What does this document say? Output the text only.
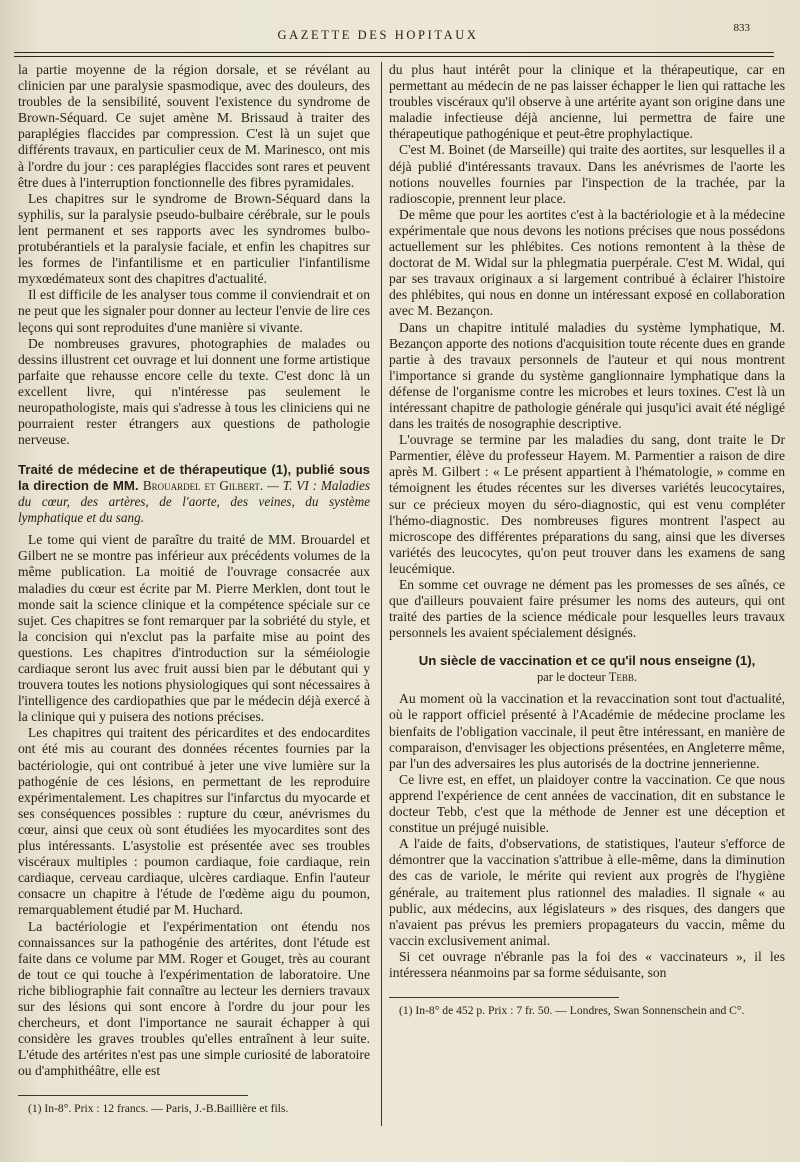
GAZETTE DES HOPITAUX	833

la partie moyenne de la région dorsale, et se révélant au clinicien par une paralysie spasmodique, avec des douleurs, des troubles de la sensibilité, souvent l'existence du syndrome de Brown-Séquard. Ce sujet amène M. Brissaud à traiter des paraplégies flaccides par compression. C'est là un sujet que différents travaux, en particulier ceux de M. Marinesco, ont mis à l'ordre du jour : ces paraplégies flaccides sont rares et peuvent être dues à l'interruption fonctionnelle des fibres pyramidales.

Les chapitres sur le syndrome de Brown-Séquard dans la syphilis, sur la paralysie pseudo-bulbaire cérébrale, sur le pouls lent permanent et ses rapports avec les syndromes bulbo-protubérantiels et la paralysie faciale, et enfin les chapitres sur les formes de l'infantilisme et en particulier l'infantilisme myxœdémateux sont des chapitres d'actualité.

Il est difficile de les analyser tous comme il conviendrait et on ne peut que les signaler pour donner au lecteur l'envie de lire ces leçons qui sont reproduites d'une manière si vivante.

De nombreuses gravures, photographies de malades ou dessins illustrent cet ouvrage et lui donnent une forme artistique parfaite que rehausse encore celle du texte. C'est donc là un excellent livre, qui n'intéresse pas seulement le neuropathologiste, mais qui s'adresse à tous les cliniciens qui ne pourraient rester étrangers aux questions de pathologie nerveuse.

Traité de médecine et de thérapeutique (1), publié sous la direction de MM. Brouardel et Gilbert. — T. VI : Maladies du cœur, des artères, de l'aorte, des veines, du système lymphatique et du sang.

Le tome qui vient de paraître du traité de MM. Brouardel et Gilbert ne se montre pas inférieur aux précédents volumes de la même publication. La moitié de l'ouvrage consacrée aux maladies du cœur est écrite par M. Pierre Merklen, dont tout le monde sait la science clinique et la compétence spéciale sur ce sujet. Ces chapitres se font remarquer par la sobriété du style, et la concision qui n'exclut pas la parfaite mise au point des questions. Les chapitres d'introduction sur la séméiologie cardiaque seront lus avec fruit aussi bien par le débutant qui y trouvera toutes les notions physiologiques qui sont nécessaires à l'intelligence des cardiopathies que par le médecin déjà exercé à la clinique qui y puisera des notions précises.

Les chapitres qui traitent des péricardites et des endocardites ont été mis au courant des données récentes fournies par la bactériologie, qui ont contribué à jeter une vive lumière sur la pathogénie de ces lésions, en permettant de les reproduire expérimentalement. Les chapitres sur l'infarctus du myocarde et ses conséquences possibles : rupture du cœur, anévrismes du cœur, ainsi que ceux où sont étudiées les myocardites sont des plus intéressants. L'asystolie est présentée avec ses troubles viscéraux multiples : poumon cardiaque, foie cardiaque, rein cardiaque, cerveau cardiaque, ulcères cardiaque. Enfin l'auteur consacre un chapitre à l'étude de l'œdème aigu du poumon, remarquablement étudié par M. Huchard.

La bactériologie et l'expérimentation ont étendu nos connaissances sur la pathogénie des artérites, dont l'étude est faite dans ce volume par MM. Roger et Gouget, très au courant de tout ce qui touche à l'expérimentation de laboratoire. Une riche bibliographie fait connaître au lecteur les derniers travaux sur des lésions qui sont encore à l'ordre du jour pour les chercheurs, et dont l'importance ne saurait échapper à qui considère les graves troubles qu'elles entraînent à leur suite. L'étude des artérites n'est pas une simple curiosité de laboratoire ou d'amphithéâtre, elle est

(1) In-8°. Prix : 12 francs. — Paris, J.-B.Baillière et fils.

du plus haut intérêt pour la clinique et la thérapeutique, car en permettant au médecin de ne pas laisser échapper le lien qui rattache les troubles viscéraux qu'il observe à une artérite ayant son origine dans une maladie infectieuse déjà ancienne, lui permettra de faire une thérapeutique pathogénique et peut-être prophylactique.

C'est M. Boinet (de Marseille) qui traite des aortites, sur lesquelles il a déjà publié d'intéressants travaux. Dans les anévrismes de l'aorte les notions nouvelles fournies par l'inspection de la trachée, par la radioscopie, prennent leur place.

De même que pour les aortites c'est à la bactériologie et à la médecine expérimentale que nous devons les notions précises que nous possédons actuellement sur les phlébites. Ces notions remontent à la thèse de doctorat de M. Widal sur la phlegmatia puerpérale. C'est M. Widal, qui par ses travaux originaux a si largement contribué à éclairer l'histoire des phlébites, qui nous en donne un intéressant exposé en collaboration avec M. Bezançon.

Dans un chapitre intitulé maladies du système lymphatique, M. Bezançon apporte des notions d'acquisition toute récente dues en grande partie à des travaux personnels de l'auteur et qui nous montrent l'importance si grande du système ganglionnaire lymphatique dans la défense de l'organisme contre les microbes et leurs toxines. C'est là un intéressant chapitre de pathologie générale qui jusqu'ici avait été négligé dans les traités de nosographie descriptive.

L'ouvrage se termine par les maladies du sang, dont traite le Dr Parmentier, élève du professeur Hayem. M. Parmentier a raison de dire après M. Gilbert : « Le présent appartient à l'hématologie, » comme en témoignent les études récentes sur les diverses variétés leucocytaires, sur ce précieux moyen du séro-diagnostic, qui est venu compléter l'hémo-diagnostic. Des nombreuses figures montrent l'aspect au microscope des différentes préparations du sang, ainsi que les diverses variétés des leucocytes, qu'on peut trouver dans les examens de sang leucémique.

En somme cet ouvrage ne dément pas les promesses de ses aînés, ce que d'ailleurs pouvaient faire présumer les noms des auteurs, qui ont traité des parties de la science médicale pour lesquelles leurs travaux personnels les avaient spécialement désignés.

Un siècle de vaccination et ce qu'il nous enseigne (1),
par le docteur Tebb.

Au moment où la vaccination et la revaccination sont tout d'actualité, où le rapport officiel présenté à l'Académie de médecine proclame les bienfaits de l'obligation vaccinale, il peut être intéressant, en manière de comparaison, d'envisager les objections présentées, en Angleterre même, par l'un des adversaires les plus autorisés de la doctrine jennerienne.

Ce livre est, en effet, un plaidoyer contre la vaccination. Ce que nous apprend l'expérience de cent années de vaccination, dit en substance le docteur Tebb, c'est que la méthode de Jenner est une déception et constitue un préjugé nuisible.

A l'aide de faits, d'observations, de statistiques, l'auteur s'efforce de démontrer que la vaccination s'attribue à elle-même, dans la diminution des cas de variole, le mérite qui revient aux progrès de l'hygiène générale, au traitement plus rationnel des maladies. Il signale « au public, aux médecins, aux législateurs » des risques, des dangers que n'avaient pas prévus les premiers propagateurs du vaccin, même du vaccin exclusivement animal.

Si cet ouvrage n'ébranle pas la foi des « vaccinateurs », il les intéressera néanmoins par sa forme séduisante, son

(1) In-8° de 452 p. Prix : 7 fr. 50. — Londres, Swan Sonnenschein and C°.
